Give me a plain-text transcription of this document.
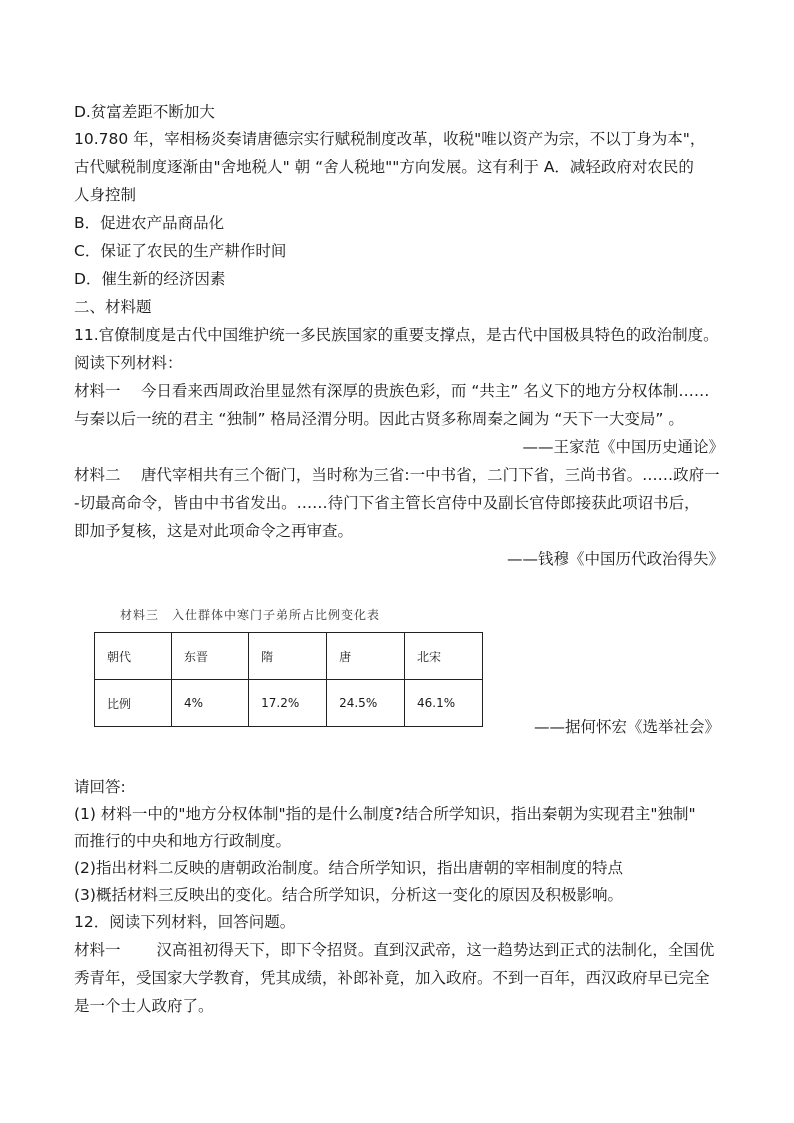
D.贫富差距不断加大
10.780 年，宰相杨炎奏请唐德宗实行赋税制度改革，收税"唯以资产为宗，不以丁身为本"，
古代赋税制度逐渐由"舍地税人" 朝 “舍人税地""方向发展。这有利于 A．减轻政府对农民的
人身控制
B．促进农产品商品化
C．保证了农民的生产耕作时间
D．催生新的经济因素
二、材料题
11.官僚制度是古代中国维护统一多民族国家的重要支撑点，是古代中国极具特色的政治制度。
阅读下列材料：
材料一　 今日看来西周政治里显然有深厚的贵族色彩，而 “共主” 名义下的地方分权体制……
与秦以后一统的君主 “独制” 格局泾渭分明。因此古贤多称周秦之阃为 “天下一大变局” 。
——王家范《中国历史通论》
材料二　 唐代宰相共有三个衙门，当时称为三省:一中书省，二门下省，三尚书省。……政府一
-切最高命令，皆由中书省发出。……待门下省主管长宫侍中及副长官侍郎接获此项诏书后，
即加予复核，这是对此项命令之再审查。
——钱穆《中国历代政治得失》
材料三　入仕群体中寒门子弟所占比例变化表
朝代	东晋	隋	唐	北宋
比例	4%	17.2%	24.5%	46.1%
——据何怀宏《选举社会》
请回答:
(1) 材料一中的"地方分权体制"指的是什么制度?结合所学知识，指出秦朝为实现君主"独制"
而推行的中央和地方行政制度。
(2)指出材料二反映的唐朝政治制度。结合所学知识，指出唐朝的宰相制度的特点
(3)概括材料三反映出的变化。结合所学知识，分析这一变化的原因及积极影响。
12．阅读下列材料，回答问题。
材料一　　 汉高祖初得天下，即下令招贤。直到汉武帝，这一趋势达到正式的法制化，全国优
秀青年，受国家大学教育，凭其成绩，补郎补竟，加入政府。不到一百年，西汉政府早已完全
是一个士人政府了。
